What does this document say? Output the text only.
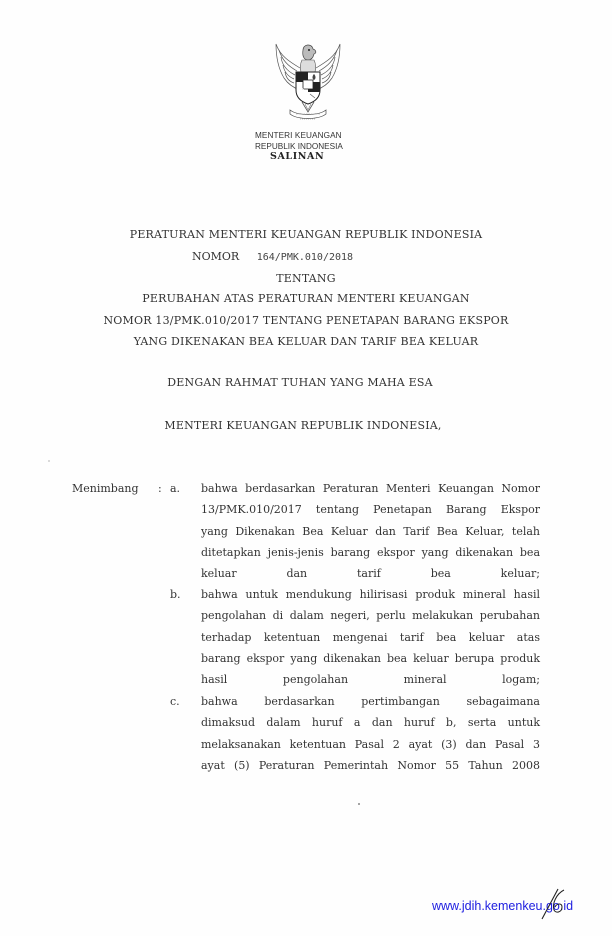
MENTERI KEUANGAN
REPUBLIK INDONESIA
SALINAN
PERATURAN MENTERI KEUANGAN REPUBLIK INDONESIA
NOMOR 164/PMK.010/2018
TENTANG
PERUBAHAN ATAS PERATURAN MENTERI KEUANGAN
NOMOR 13/PMK.010/2017 TENTANG PENETAPAN BARANG EKSPOR
YANG DIKENAKAN BEA KELUAR DAN TARIF BEA KELUAR
DENGAN RAHMAT TUHAN YANG MAHA ESA
MENTERI KEUANGAN REPUBLIK INDONESIA,
Menimbang : a. bahwa berdasarkan Peraturan Menteri Keuangan Nomor
13/PMK.010/2017 tentang Penetapan Barang Ekspor
yang Dikenakan Bea Keluar dan Tarif Bea Keluar, telah
ditetapkan jenis-jenis barang ekspor yang dikenakan bea
keluar dan tarif bea keluar;
b. bahwa untuk mendukung hilirisasi produk mineral hasil
pengolahan di dalam negeri, perlu melakukan perubahan
terhadap ketentuan mengenai tarif bea keluar atas
barang ekspor yang dikenakan bea keluar berupa produk
hasil pengolahan mineral logam;
c. bahwa berdasarkan pertimbangan sebagaimana
dimaksud dalam huruf a dan huruf b, serta untuk
melaksanakan ketentuan Pasal 2 ayat (3) dan Pasal 3
ayat (5) Peraturan Pemerintah Nomor 55 Tahun 2008
www.jdih.kemenkeu.go.id
